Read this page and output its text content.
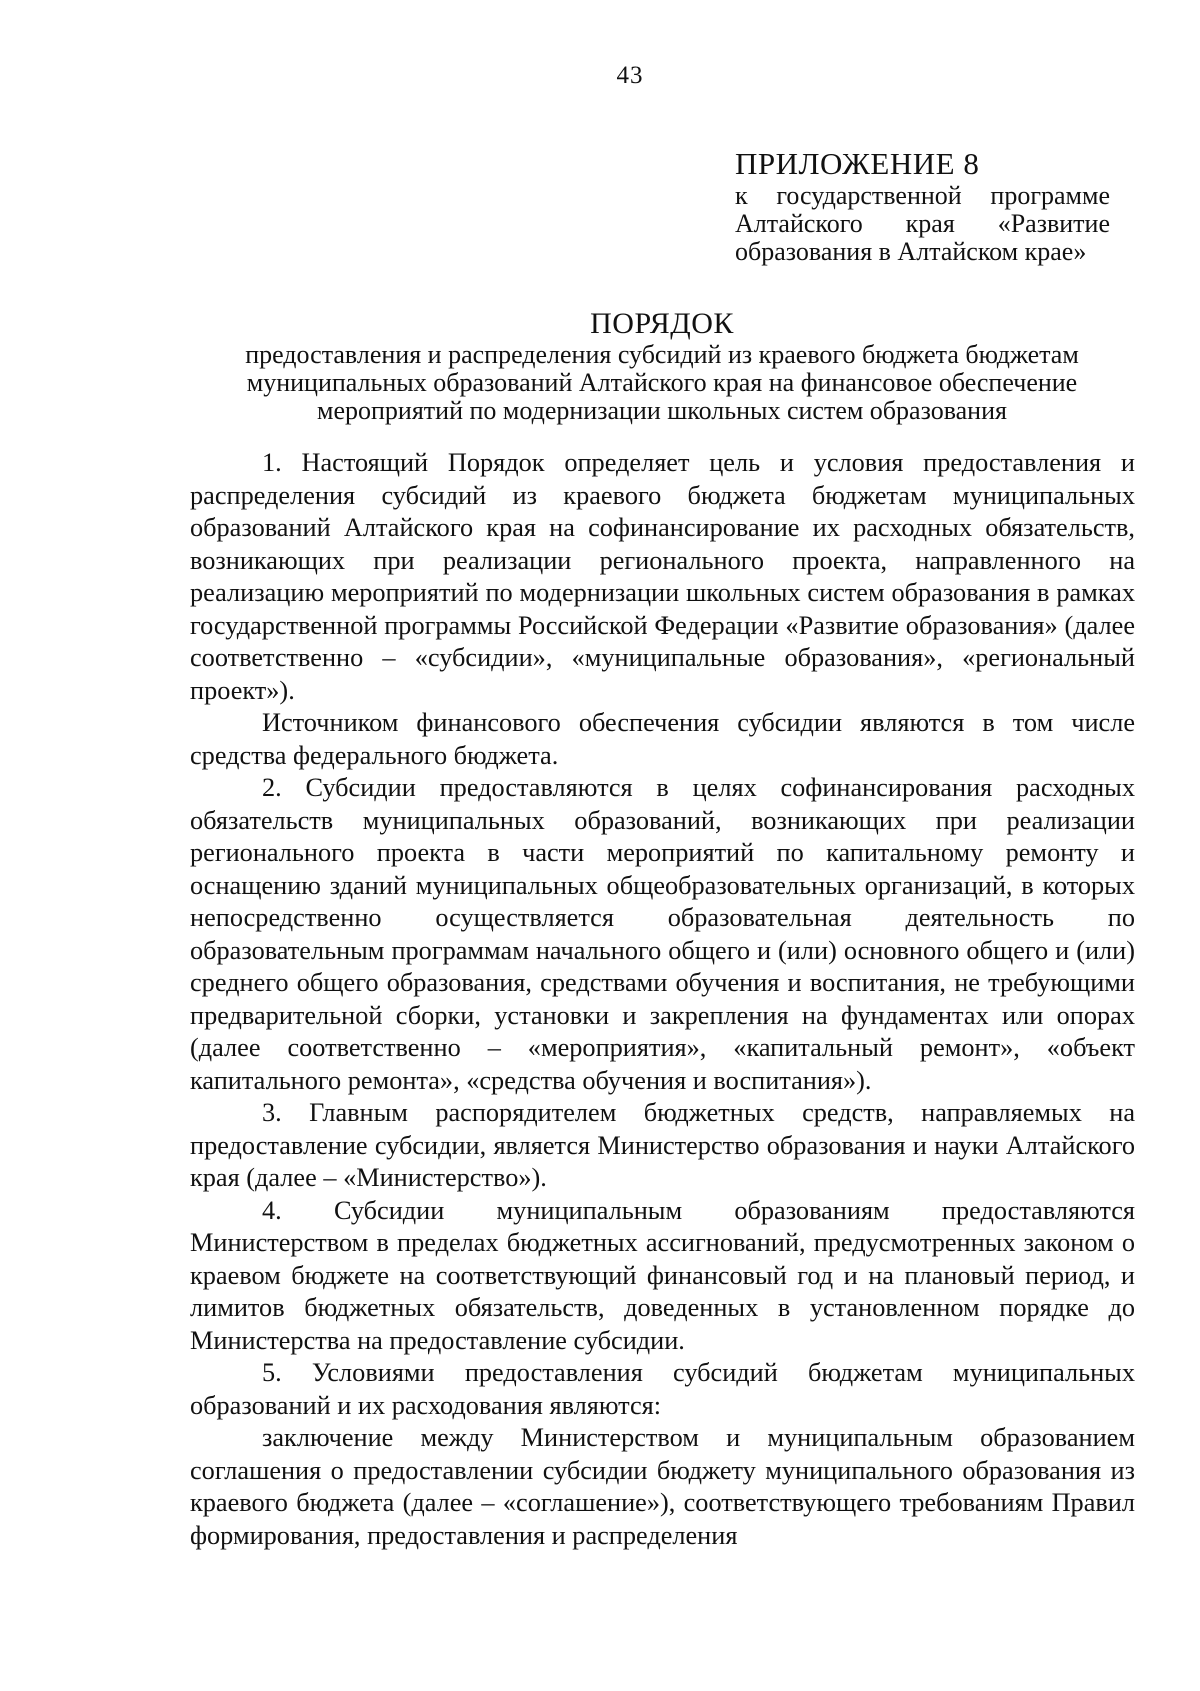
43
ПРИЛОЖЕНИЕ 8
к государственной программе
Алтайского края «Развитие
образования в Алтайском крае»
ПОРЯДОК
предоставления и распределения субсидий из краевого бюджета бюджетам
муниципальных образований Алтайского края на финансовое обеспечение
мероприятий по модернизации школьных систем образования

1. Настоящий Порядок определяет цель и условия предоставления и распределения субсидий из краевого бюджета бюджетам муниципальных образований Алтайского края на софинансирование их расходных обязательств, возникающих при реализации регионального проекта, направленного на реализацию мероприятий по модернизации школьных систем образования в рамках государственной программы Российской Федерации «Развитие образования» (далее соответственно – «субсидии», «муниципальные образования», «региональный проект»).

Источником финансового обеспечения субсидии являются в том числе средства федерального бюджета.

2. Субсидии предоставляются в целях софинансирования расходных обязательств муниципальных образований, возникающих при реализации регионального проекта в части мероприятий по капитальному ремонту и оснащению зданий муниципальных общеобразовательных организаций, в которых непосредственно осуществляется образовательная деятельность по образовательным программам начального общего и (или) основного общего и (или) среднего общего образования, средствами обучения и воспитания, не требующими предварительной сборки, установки и закрепления на фундаментах или опорах (далее соответственно – «мероприятия», «капитальный ремонт», «объект капитального ремонта», «средства обучения и воспитания»).

3. Главным распорядителем бюджетных средств, направляемых на предоставление субсидии, является Министерство образования и науки Алтайского края (далее – «Министерство»).

4. Субсидии муниципальным образованиям предоставляются Министерством в пределах бюджетных ассигнований, предусмотренных законом о краевом бюджете на соответствующий финансовый год и на плановый период, и лимитов бюджетных обязательств, доведенных в установленном порядке до Министерства на предоставление субсидии.

5. Условиями предоставления субсидий бюджетам муниципальных образований и их расходования являются:

заключение между Министерством и муниципальным образованием соглашения о предоставлении субсидии бюджету муниципального образования из краевого бюджета (далее – «соглашение»), соответствующего требованиям Правил формирования, предоставления и распределения
